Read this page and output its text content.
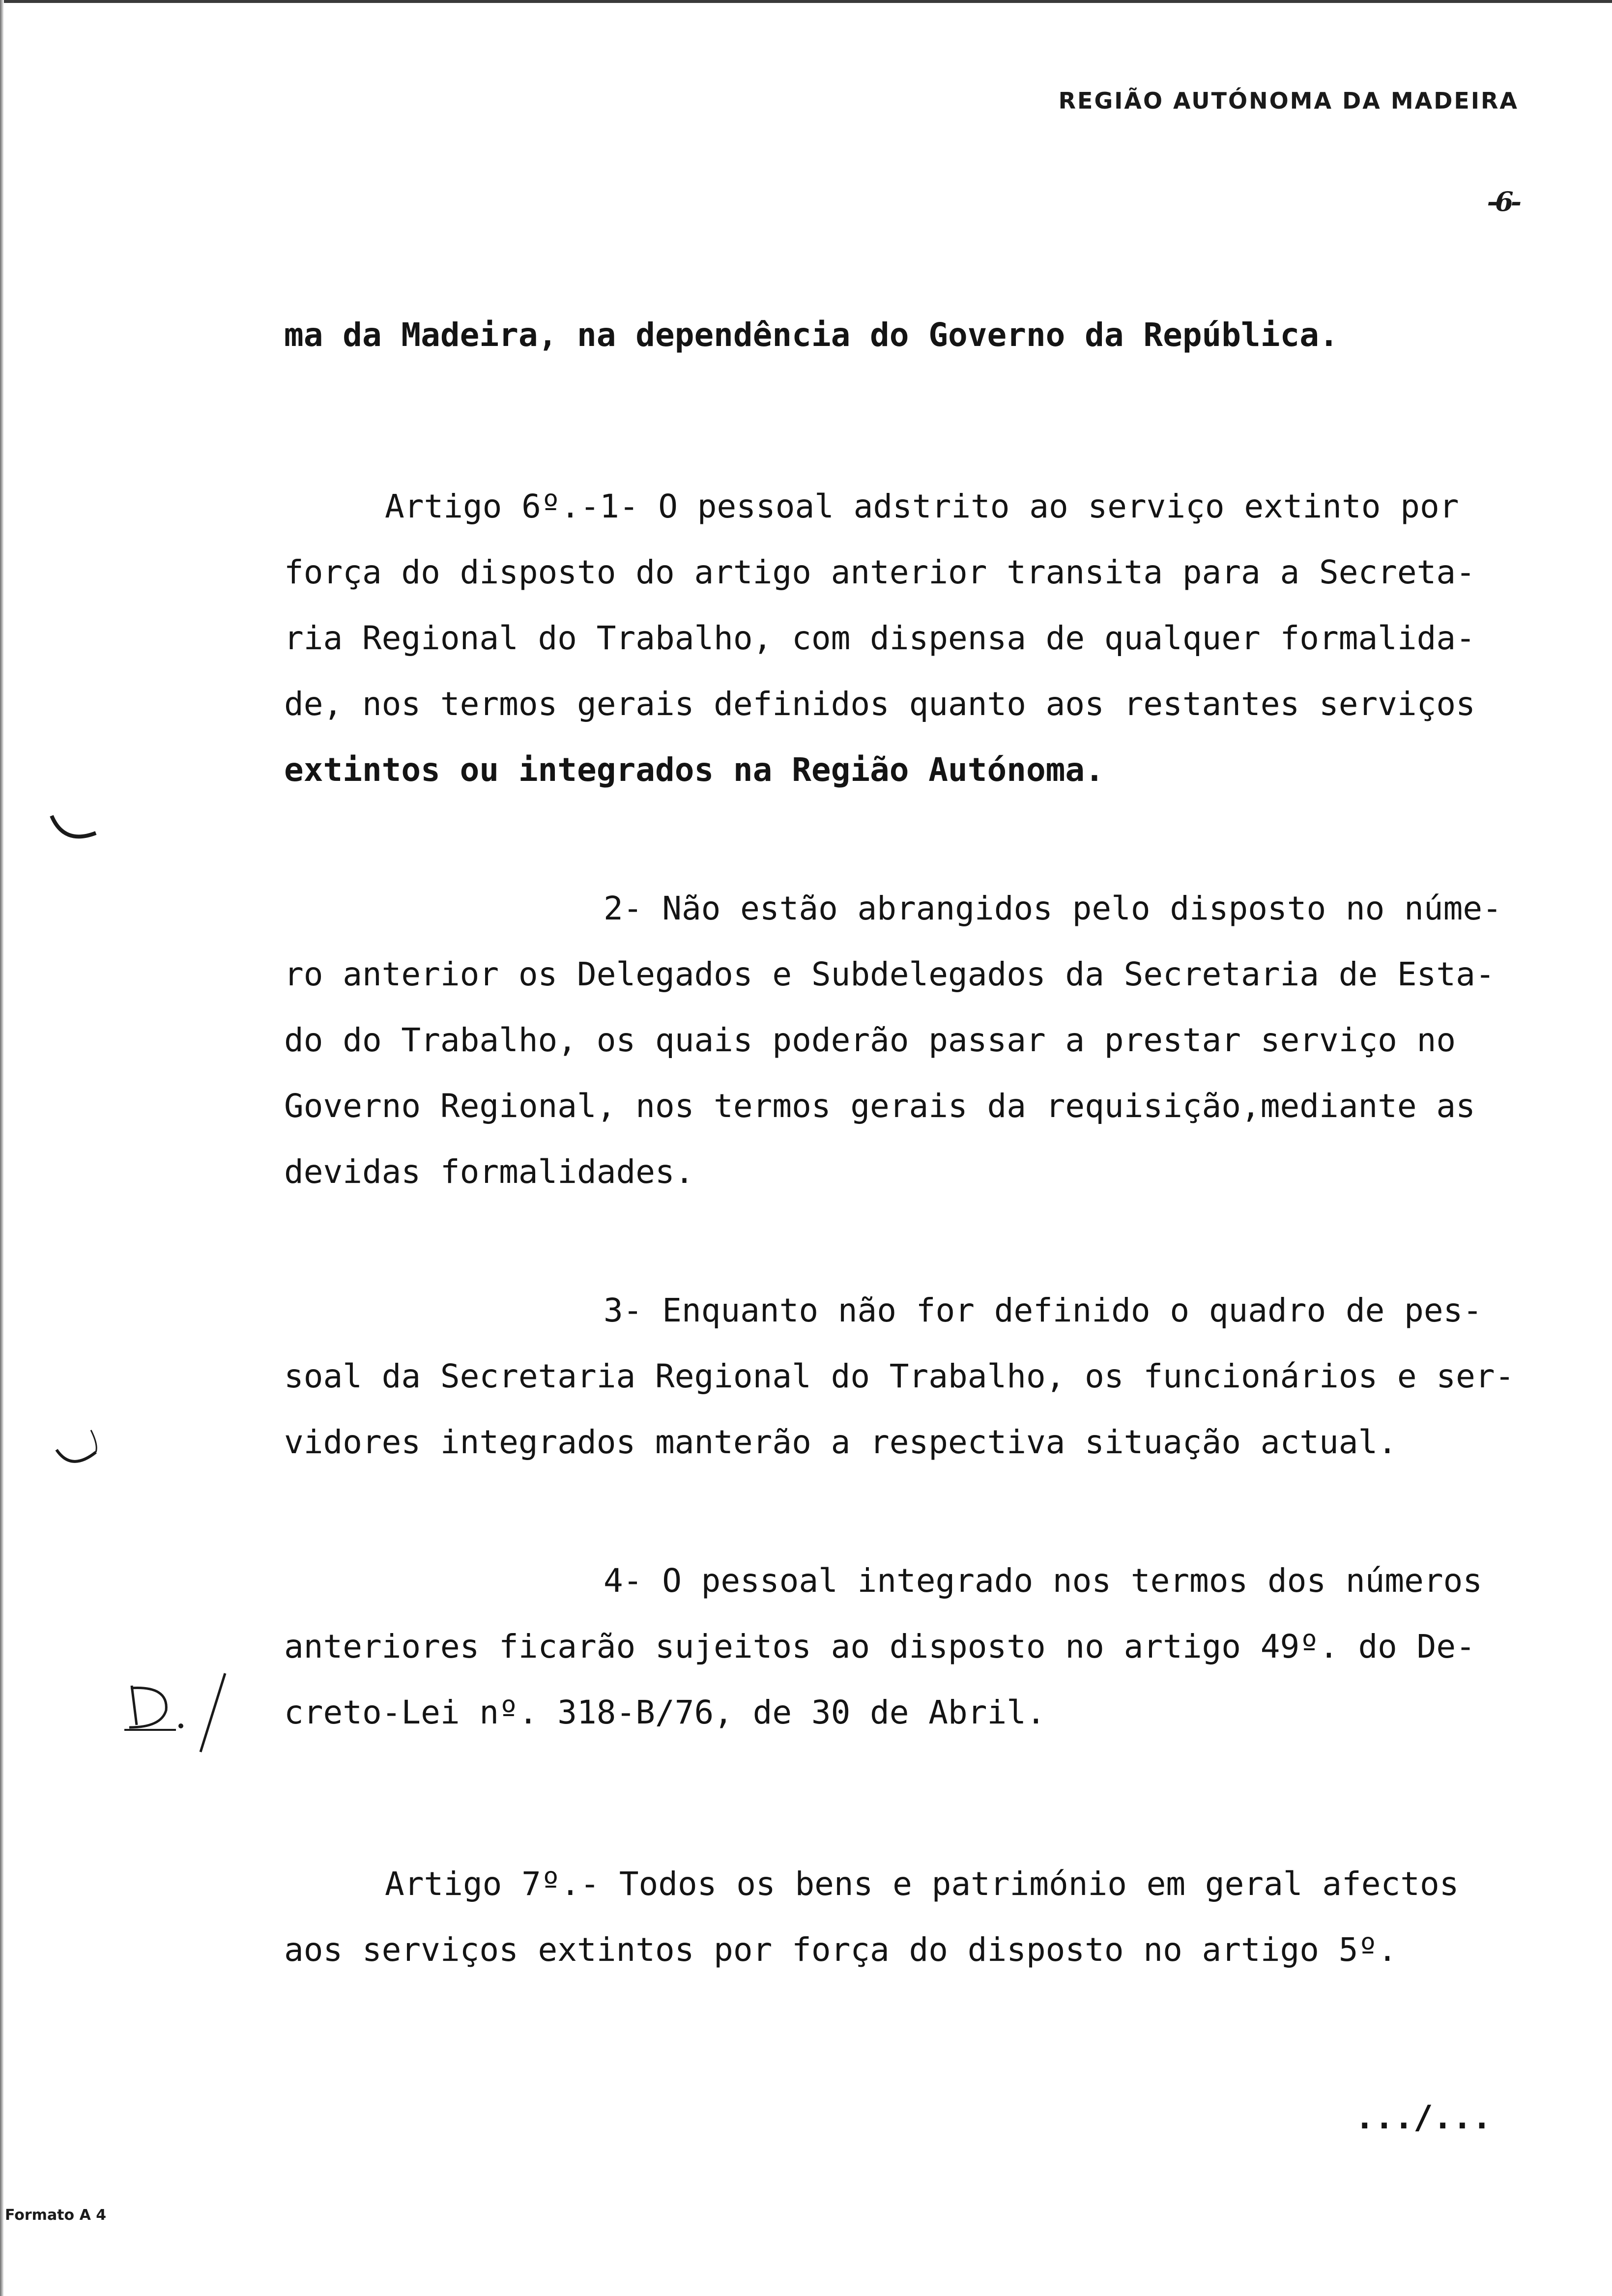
REGIÃO AUTÓNOMA DA MADEIRA
-6-
ma da Madeira, na dependência do Governo da República.
Artigo 6º.-1- O pessoal adstrito ao serviço extinto por
força do disposto do artigo anterior transita para a Secreta-
ria Regional do Trabalho, com dispensa de qualquer formalida-
de, nos termos gerais definidos quanto aos restantes serviços
extintos ou integrados na Região Autónoma.
2- Não estão abrangidos pelo disposto no núme-
ro anterior os Delegados e Subdelegados da Secretaria de Esta-
do do Trabalho, os quais poderão passar a prestar serviço no
Governo Regional, nos termos gerais da requisição,mediante as
devidas formalidades.
3- Enquanto não for definido o quadro de pes-
soal da Secretaria Regional do Trabalho, os funcionários e ser-
vidores integrados manterão a respectiva situação actual.
4- O pessoal integrado nos termos dos números
anteriores ficarão sujeitos ao disposto no artigo 49º. do De-
creto-Lei nº. 318-B/76, de 30 de Abril.
Artigo 7º.- Todos os bens e património em geral afectos
aos serviços extintos por força do disposto no artigo 5º.
.../...
Formato A 4
